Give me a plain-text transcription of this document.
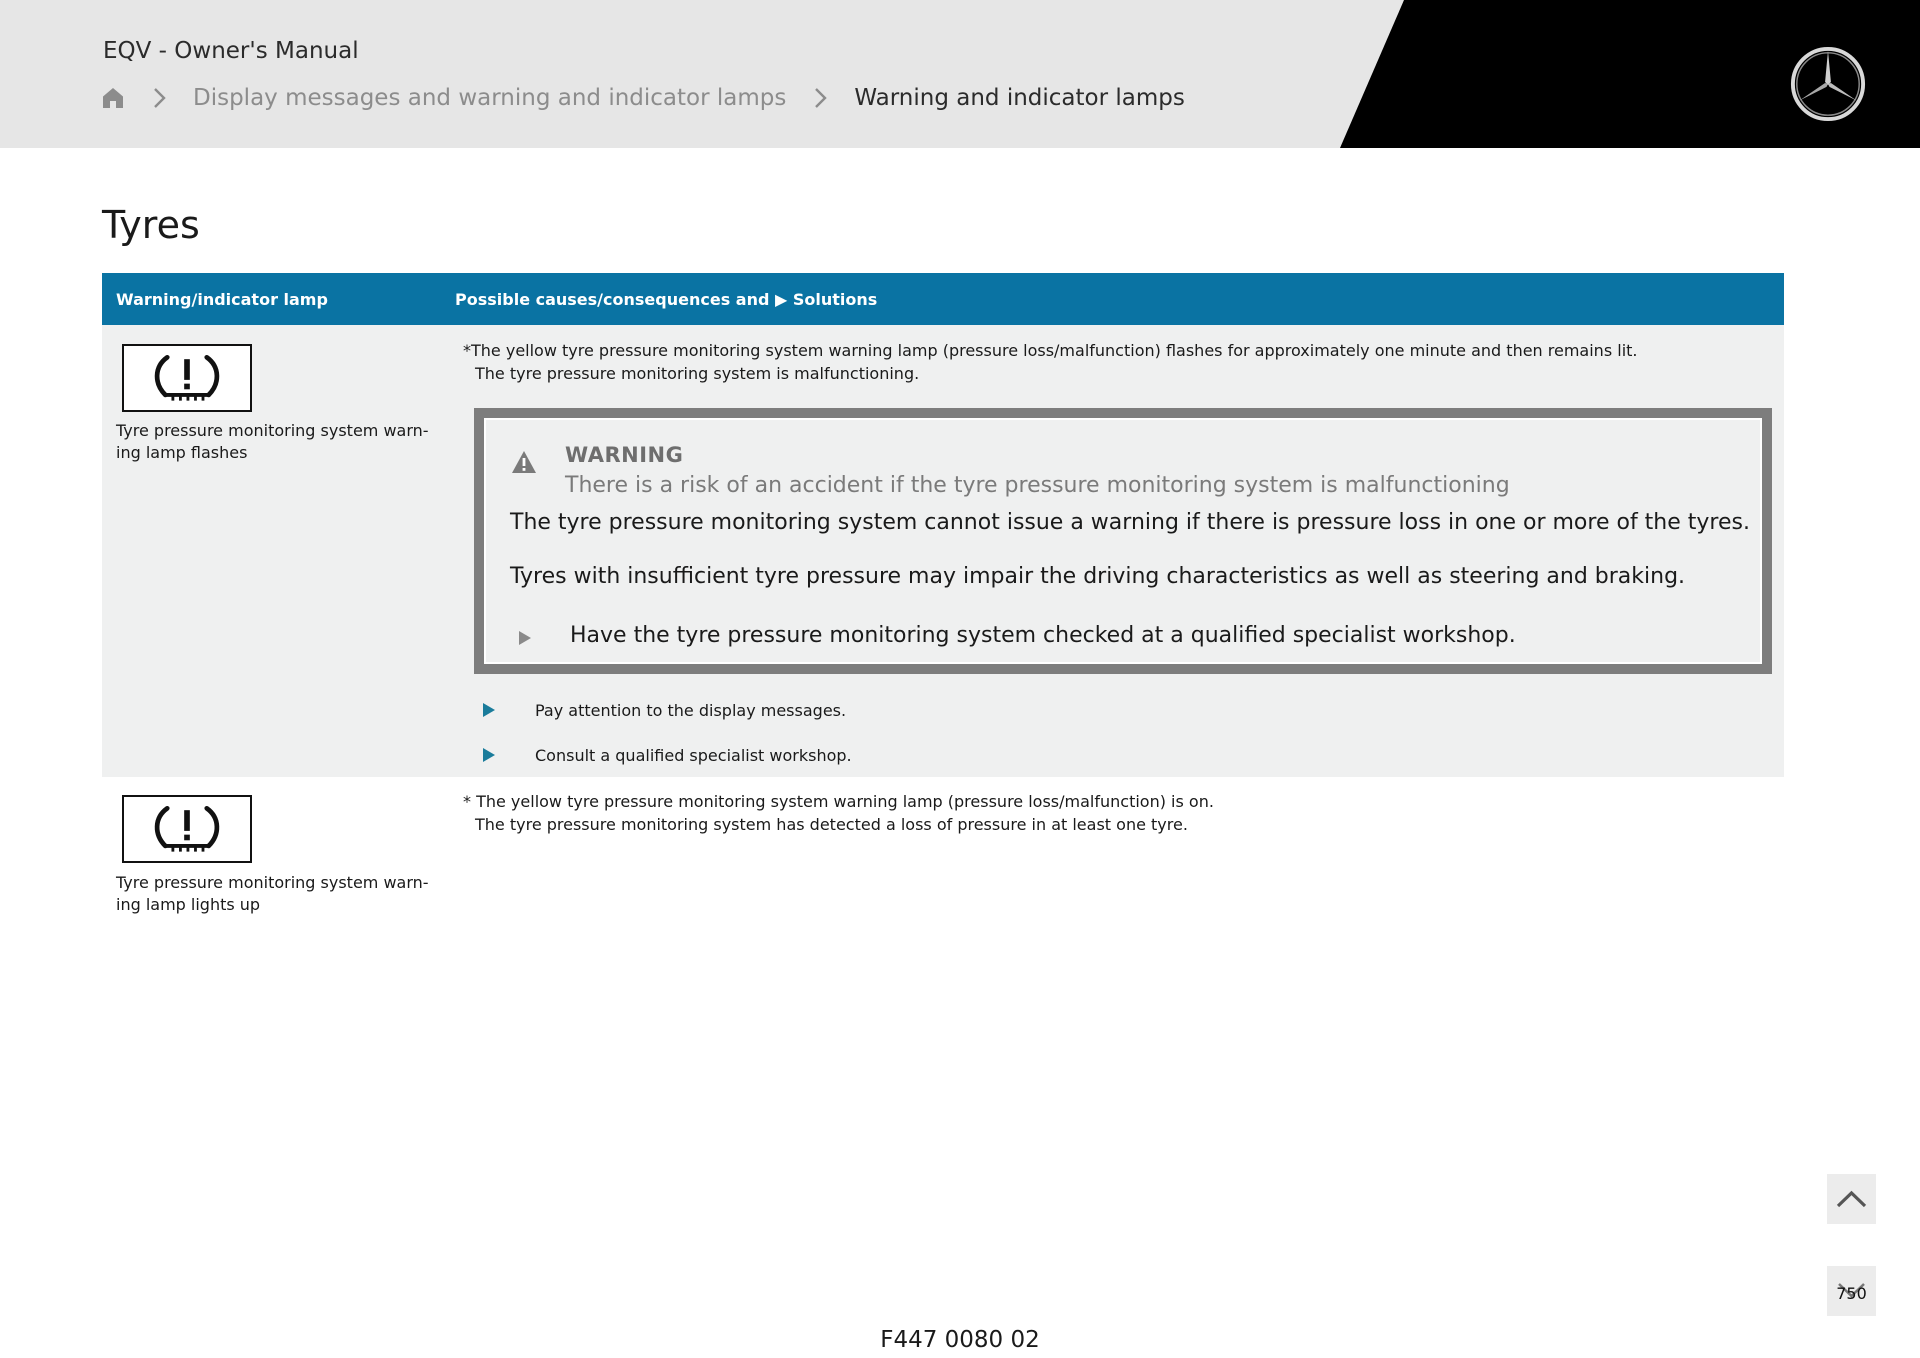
EQV - Owner's Manual
Display messages and warning and indicator lamps	Warning and indicator lamps
Tyres
Warning/indicator lamp	Possible causes/consequences and ▶ Solutions
Tyre pressure monitoring system warn-
ing lamp flashes
*The yellow tyre pressure monitoring system warning lamp (pressure loss/malfunction) flashes for approximately one minute and then remains lit.
The tyre pressure monitoring system is malfunctioning.
WARNING
There is a risk of an accident if the tyre pressure monitoring system is malfunctioning
The tyre pressure monitoring system cannot issue a warning if there is pressure loss in one or more of the tyres.
Tyres with insufficient tyre pressure may impair the driving characteristics as well as steering and braking.
Have the tyre pressure monitoring system checked at a qualified specialist workshop.
Pay attention to the display messages.
Consult a qualified specialist workshop.
Tyre pressure monitoring system warn-
ing lamp lights up
* The yellow tyre pressure monitoring system warning lamp (pressure loss/malfunction) is on.
The tyre pressure monitoring system has detected a loss of pressure in at least one tyre.
750
F447 0080 02
